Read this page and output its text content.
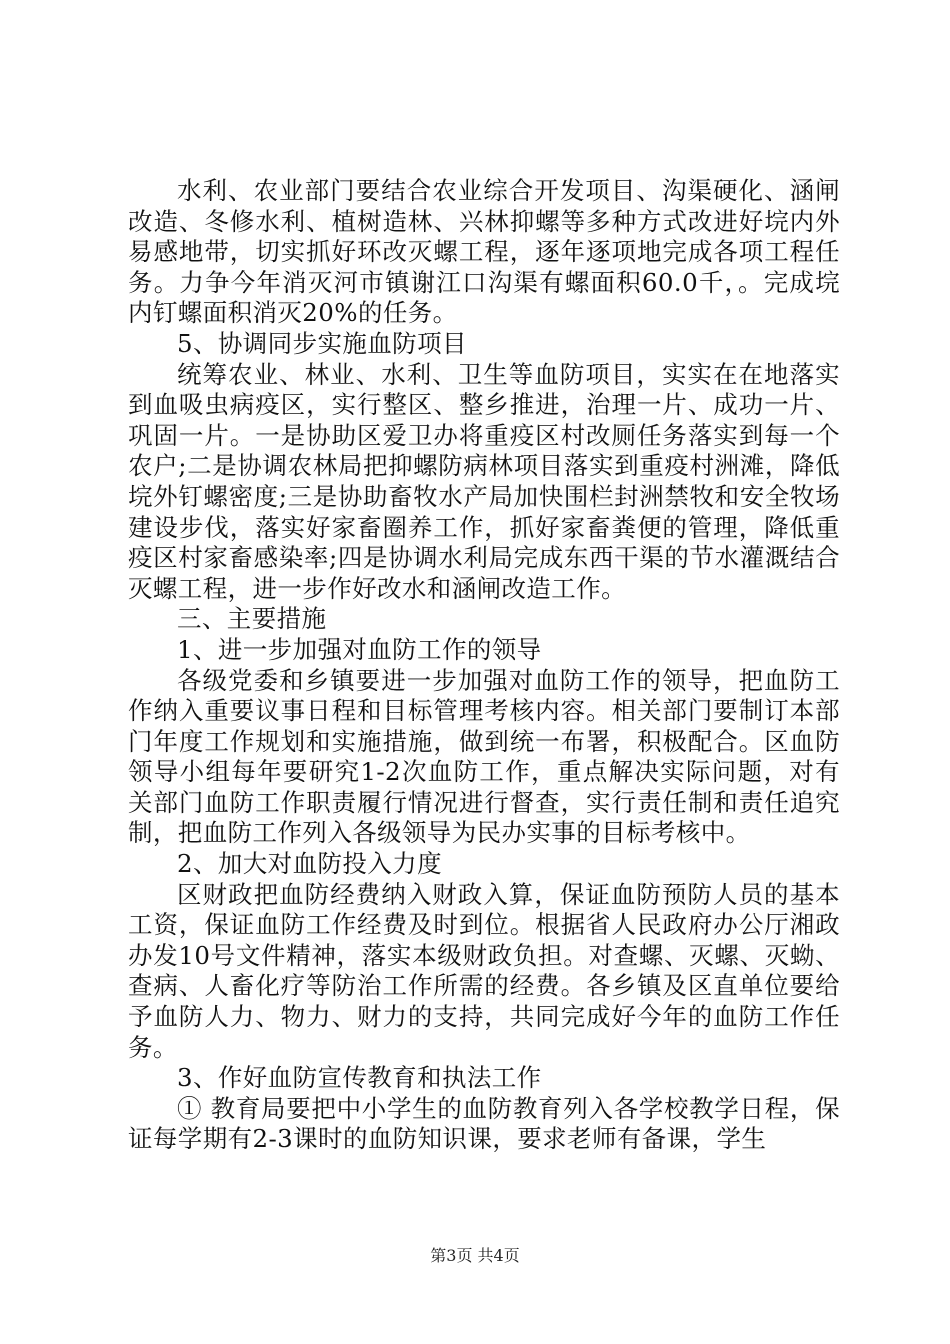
水利、农业部门要结合农业综合开发项目、沟渠硬化、涵闸改造、冬修水利、植树造林、兴林抑螺等多种方式改进好垸内外易感地带，切实抓好环改灭螺工程，逐年逐项地完成各项工程任务。力争今年消灭河市镇谢江口沟渠有螺面积60.0千，。完成垸内钉螺面积消灭20%的任务。

5、协调同步实施血防项目

统筹农业、林业、水利、卫生等血防项目，实实在在地落实到血吸虫病疫区，实行整区、整乡推进，治理一片、成功一片、巩固一片。一是协助区爱卫办将重疫区村改厕任务落实到每一个农户;二是协调农林局把抑螺防病林项目落实到重疫村洲滩，降低垸外钉螺密度;三是协助畜牧水产局加快围栏封洲禁牧和安全牧场建设步伐，落实好家畜圈养工作，抓好家畜粪便的管理，降低重疫区村家畜感染率;四是协调水利局完成东西干渠的节水灌溉结合灭螺工程，进一步作好改水和涵闸改造工作。

三、主要措施

1、进一步加强对血防工作的领导

各级党委和乡镇要进一步加强对血防工作的领导，把血防工作纳入重要议事日程和目标管理考核内容。相关部门要制订本部门年度工作规划和实施措施，做到统一布署，积极配合。区血防领导小组每年要研究1-2次血防工作，重点解决实际问题，对有关部门血防工作职责履行情况进行督查，实行责任制和责任追究制，把血防工作列入各级领导为民办实事的目标考核中。

2、加大对血防投入力度

区财政把血防经费纳入财政入算，保证血防预防人员的基本工资，保证血防工作经费及时到位。根据省人民政府办公厅湘政办发10号文件精神，落实本级财政负担。对查螺、灭螺、灭蚴、查病、人畜化疗等防治工作所需的经费。各乡镇及区直单位要给予血防人力、物力、财力的支持，共同完成好今年的血防工作任务。

3、作好血防宣传教育和执法工作

① 教育局要把中小学生的血防教育列入各学校教学日程，保证每学期有2-3课时的血防知识课，要求老师有备课，学生

第3页 共4页
